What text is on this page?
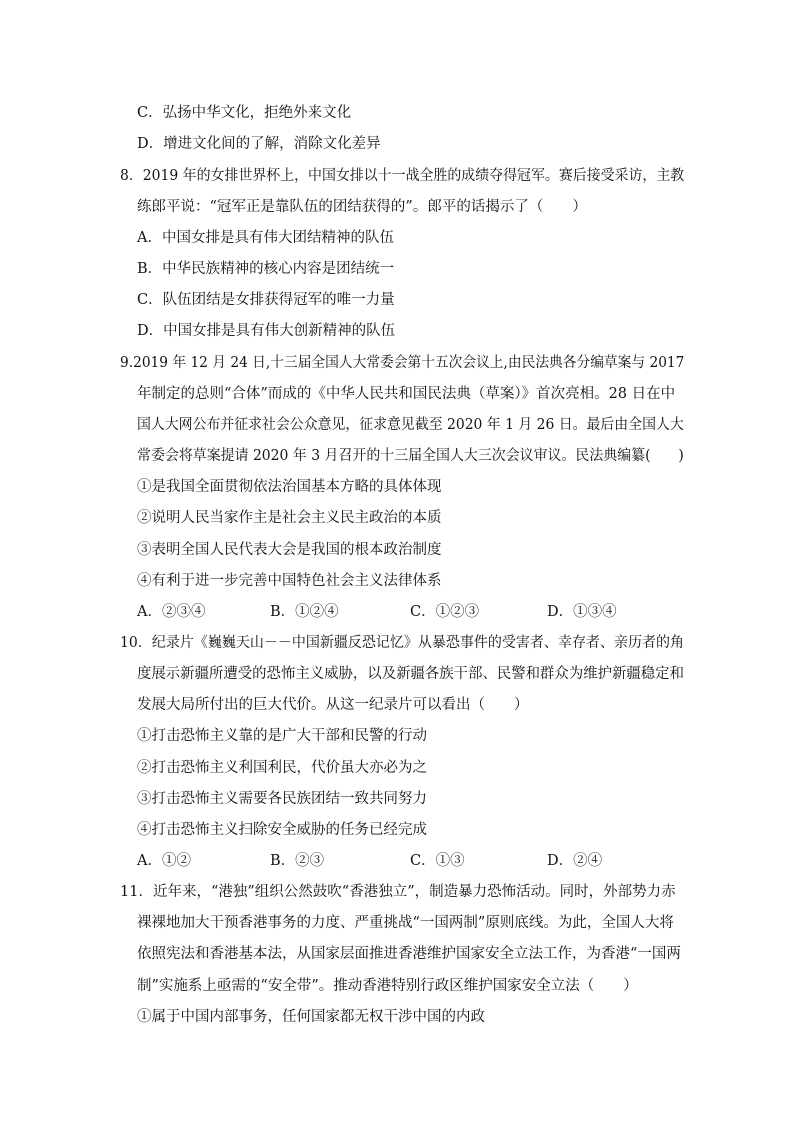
C．弘扬中华文化，拒绝外来文化
D．增进文化间的了解，消除文化差异
8．2019 年的女排世界杯上，中国女排以十一战全胜的成绩夺得冠军。赛后接受采访，主教
练郎平说：“冠军正是靠队伍的团结获得的”。郎平的话揭示了（　　）
A．中国女排是具有伟大团结精神的队伍
B．中华民族精神的核心内容是团结统一
C．队伍团结是女排获得冠军的唯一力量
D．中国女排是具有伟大创新精神的队伍
9.2019 年 12 月 24 日,十三届全国人大常委会第十五次会议上,由民法典各分编草案与 2017
年制定的总则“合体”而成的《中华人民共和国民法典（草案）》首次亮相。28 日在中
国人大网公布并征求社会公众意见，征求意见截至 2020 年 1 月 26 日。最后由全国人大
常委会将草案提请 2020 年 3 月召开的十三届全国人大三次会议审议。民法典编纂(　　)
①是我国全面贯彻依法治国基本方略的具体体现
②说明人民当家作主是社会主义民主政治的本质
③表明全国人民代表大会是我国的根本政治制度
④有利于进一步完善中国特色社会主义法律体系
A．②③④	B．①②④	C．①②③	D．①③④
10．纪录片《巍巍天山－－中国新疆反恐记忆》从暴恐事件的受害者、幸存者、亲历者的角
度展示新疆所遭受的恐怖主义威胁，以及新疆各族干部、民警和群众为维护新疆稳定和
发展大局所付出的巨大代价。从这一纪录片可以看出（　　）
①打击恐怖主义靠的是广大干部和民警的行动
②打击恐怖主义利国利民，代价虽大亦必为之
③打击恐怖主义需要各民族团结一致共同努力
④打击恐怖主义扫除安全威胁的任务已经完成
A．①②	B．②③	C．①③	D．②④
11．近年来，“港独”组织公然鼓吹“香港独立”，制造暴力恐怖活动。同时，外部势力赤
裸裸地加大干预香港事务的力度、严重挑战“一国两制”原则底线。为此，全国人大将
依照宪法和香港基本法，从国家层面推进香港维护国家安全立法工作，为香港“一国两
制”实施系上亟需的“安全带”。推动香港特别行政区维护国家安全立法（　　）
①属于中国内部事务，任何国家都无权干涉中国的内政
